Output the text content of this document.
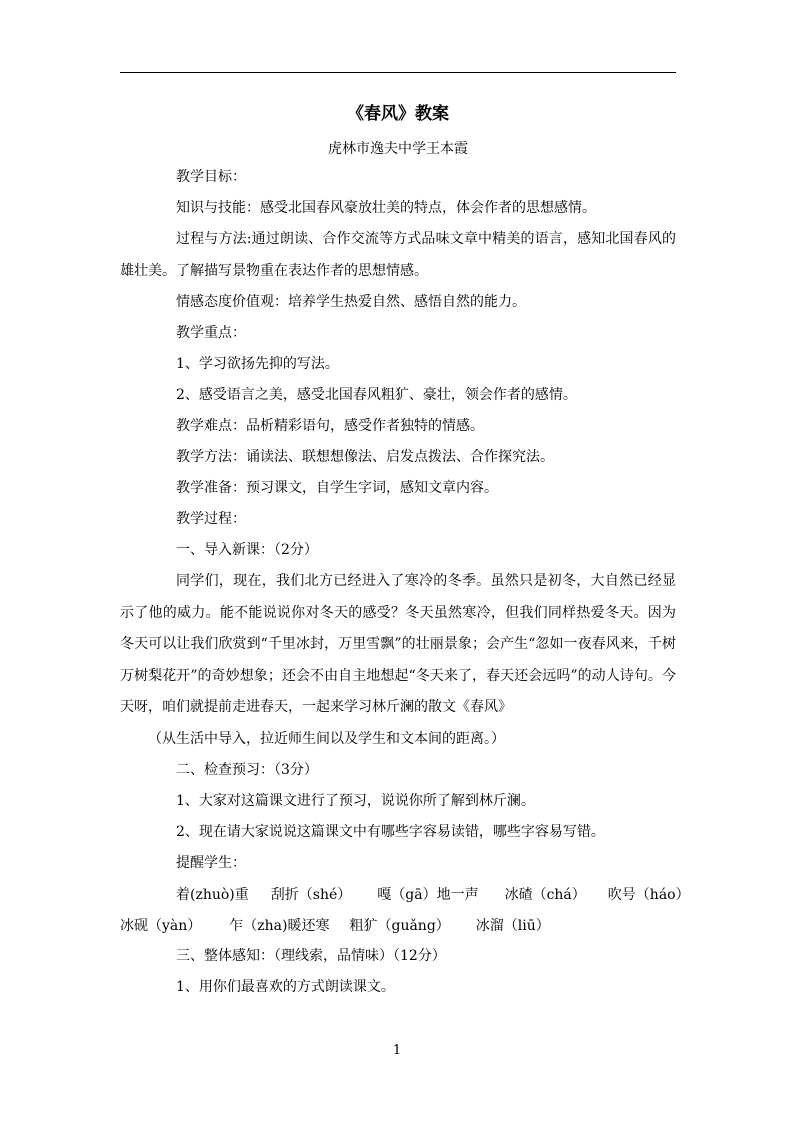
《春风》教案
虎林市逸夫中学王本霞

教学目标：

知识与技能：感受北国春风豪放壮美的特点，体会作者的思想感情。

过程与方法:通过朗读、合作交流等方式品味文章中精美的语言，感知北国春风的雄壮美。了解描写景物重在表达作者的思想情感。

情感态度价值观：培养学生热爱自然、感悟自然的能力。

教学重点：

1、学习欲扬先抑的写法。

2、感受语言之美，感受北国春风粗犷、豪壮，领会作者的感情。

教学难点：品析精彩语句，感受作者独特的情感。

教学方法：诵读法、联想想像法、启发点拨法、合作探究法。

教学准备：预习课文，自学生字词，感知文章内容。

教学过程：

一、导入新课：（2分）

同学们，现在，我们北方已经进入了寒冷的冬季。虽然只是初冬，大自然已经显示了他的威力。能不能说说你对冬天的感受？冬天虽然寒冷，但我们同样热爱冬天。因为冬天可以让我们欣赏到“千里冰封，万里雪飘”的壮丽景象；会产生“忽如一夜春风来，千树万树梨花开”的奇妙想象；还会不由自主地想起“冬天来了，春天还会远吗”的动人诗句。今天呀，咱们就提前走进春天，一起来学习林斤澜的散文《春风》

（从生活中导入，拉近师生间以及学生和文本间的距离。）

二、检查预习：（3分）

1、大家对这篇课文进行了预习，说说你所了解到林斤澜。

2、现在请大家说说这篇课文中有哪些字容易读错，哪些字容易写错。

提醒学生：

着(zhuò)重 刮折（shé） 嘎（gā）地一声 冰碴（chá） 吹号（háo）
冰砚（yàn） 乍（zha)暖还寒 粗犷（guǎng） 冰溜（liū）

三、整体感知：（理线索，品情味）（12分）

1、用你们最喜欢的方式朗读课文。

1
